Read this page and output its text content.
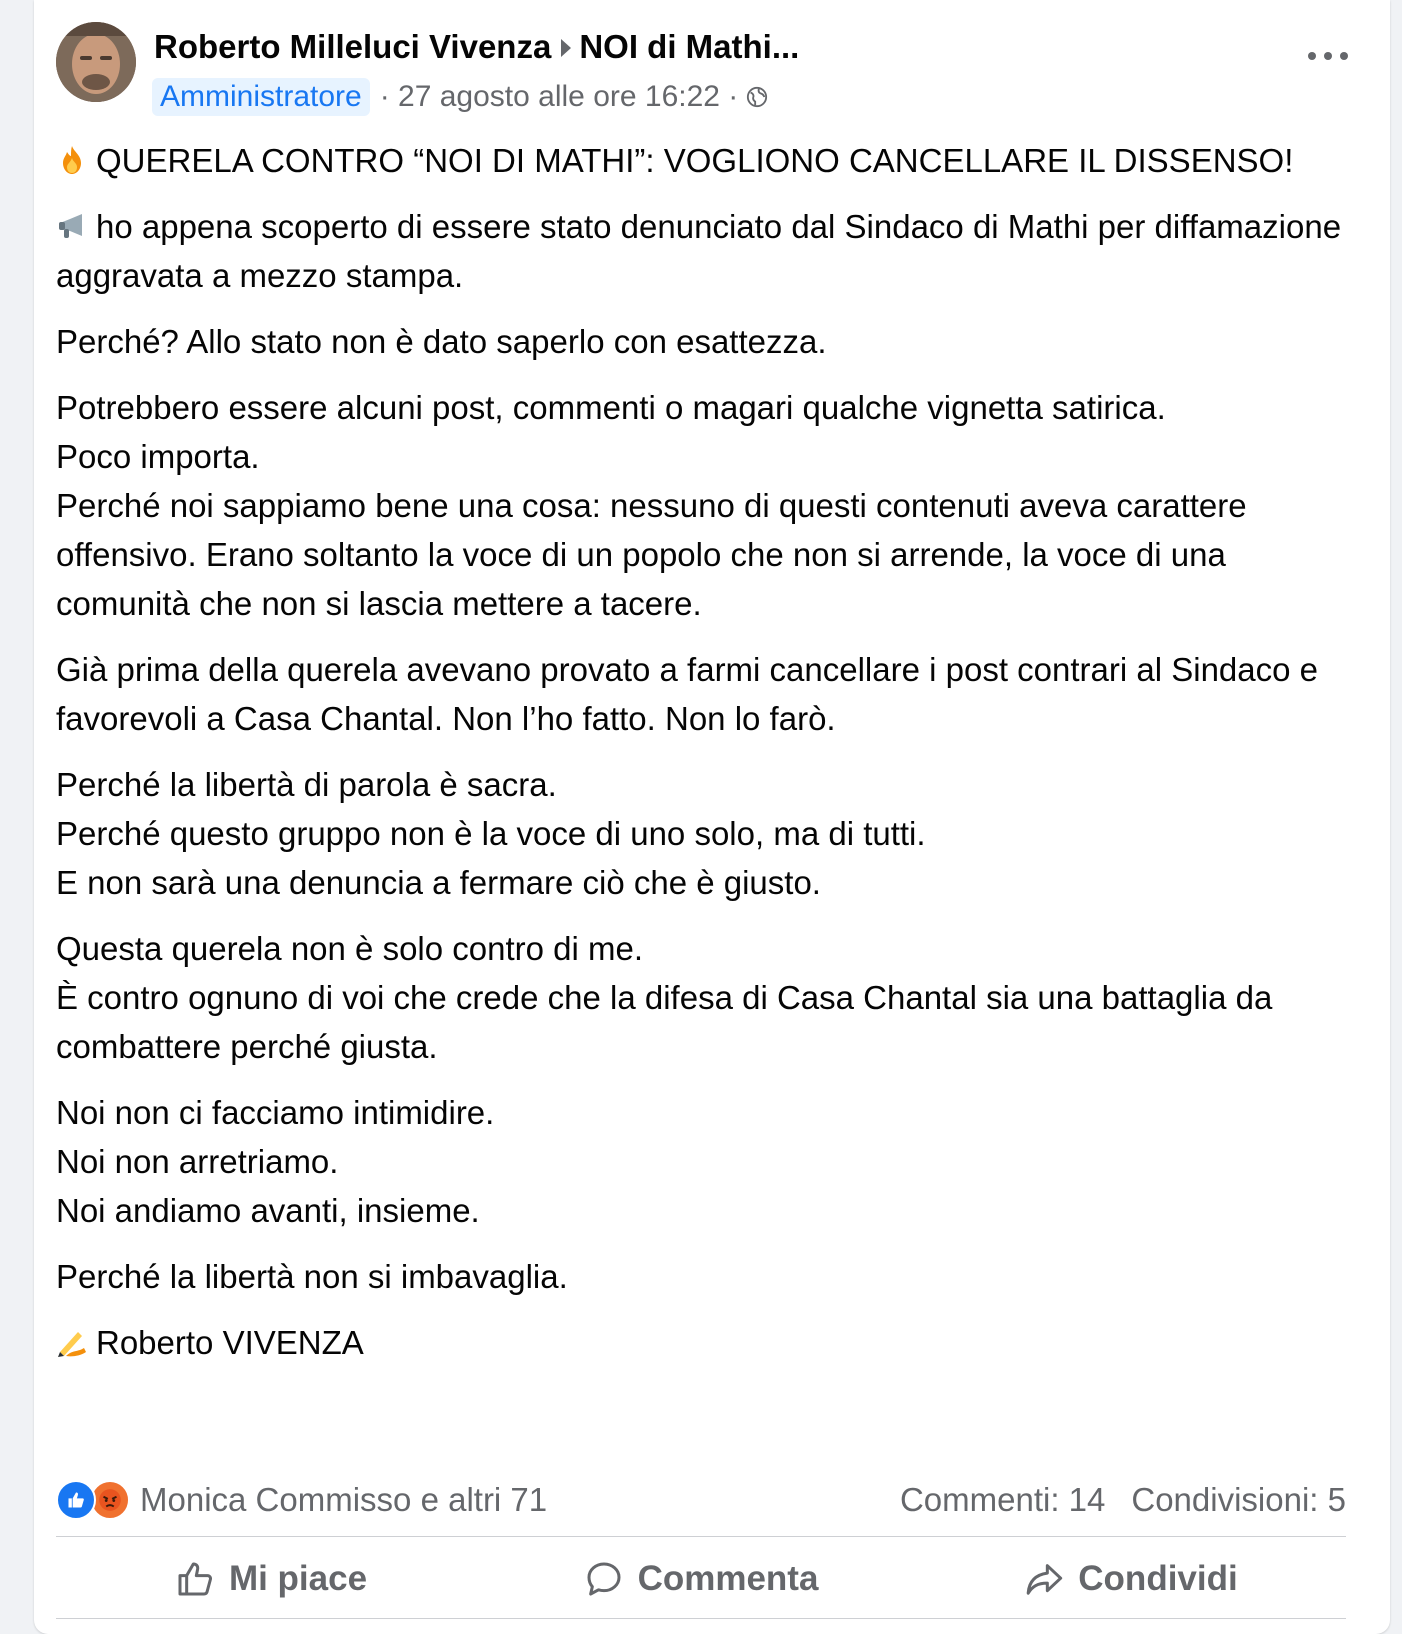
Roberto Milleluci Vivenza NOI di Mathi...
Amministratore · 27 agosto alle ore 16:22 ·

QUERELA CONTRO “NOI DI MATHI”: VOGLIONO CANCELLARE IL DISSENSO!

ho appena scoperto di essere stato denunciato dal Sindaco di Mathi per diffamazione aggravata a mezzo stampa.

Perché? Allo stato non è dato saperlo con esattezza.

Potrebbero essere alcuni post, commenti o magari qualche vignetta satirica.
Poco importa.
Perché noi sappiamo bene una cosa: nessuno di questi contenuti aveva carattere offensivo. Erano soltanto la voce di un popolo che non si arrende, la voce di una comunità che non si lascia mettere a tacere.

Già prima della querela avevano provato a farmi cancellare i post contrari al Sindaco e favorevoli a Casa Chantal. Non l’ho fatto. Non lo farò.

Perché la libertà di parola è sacra.
Perché questo gruppo non è la voce di uno solo, ma di tutti.
E non sarà una denuncia a fermare ciò che è giusto.

Questa querela non è solo contro di me.
È contro ognuno di voi che crede che la difesa di Casa Chantal sia una battaglia da combattere perché giusta.

Noi non ci facciamo intimidire.
Noi non arretriamo.
Noi andiamo avanti, insieme.

Perché la libertà non si imbavaglia.

Roberto VIVENZA

Monica Commisso e altri 71	Commenti: 14 Condivisioni: 5
Mi piace	Commenta	Condividi
